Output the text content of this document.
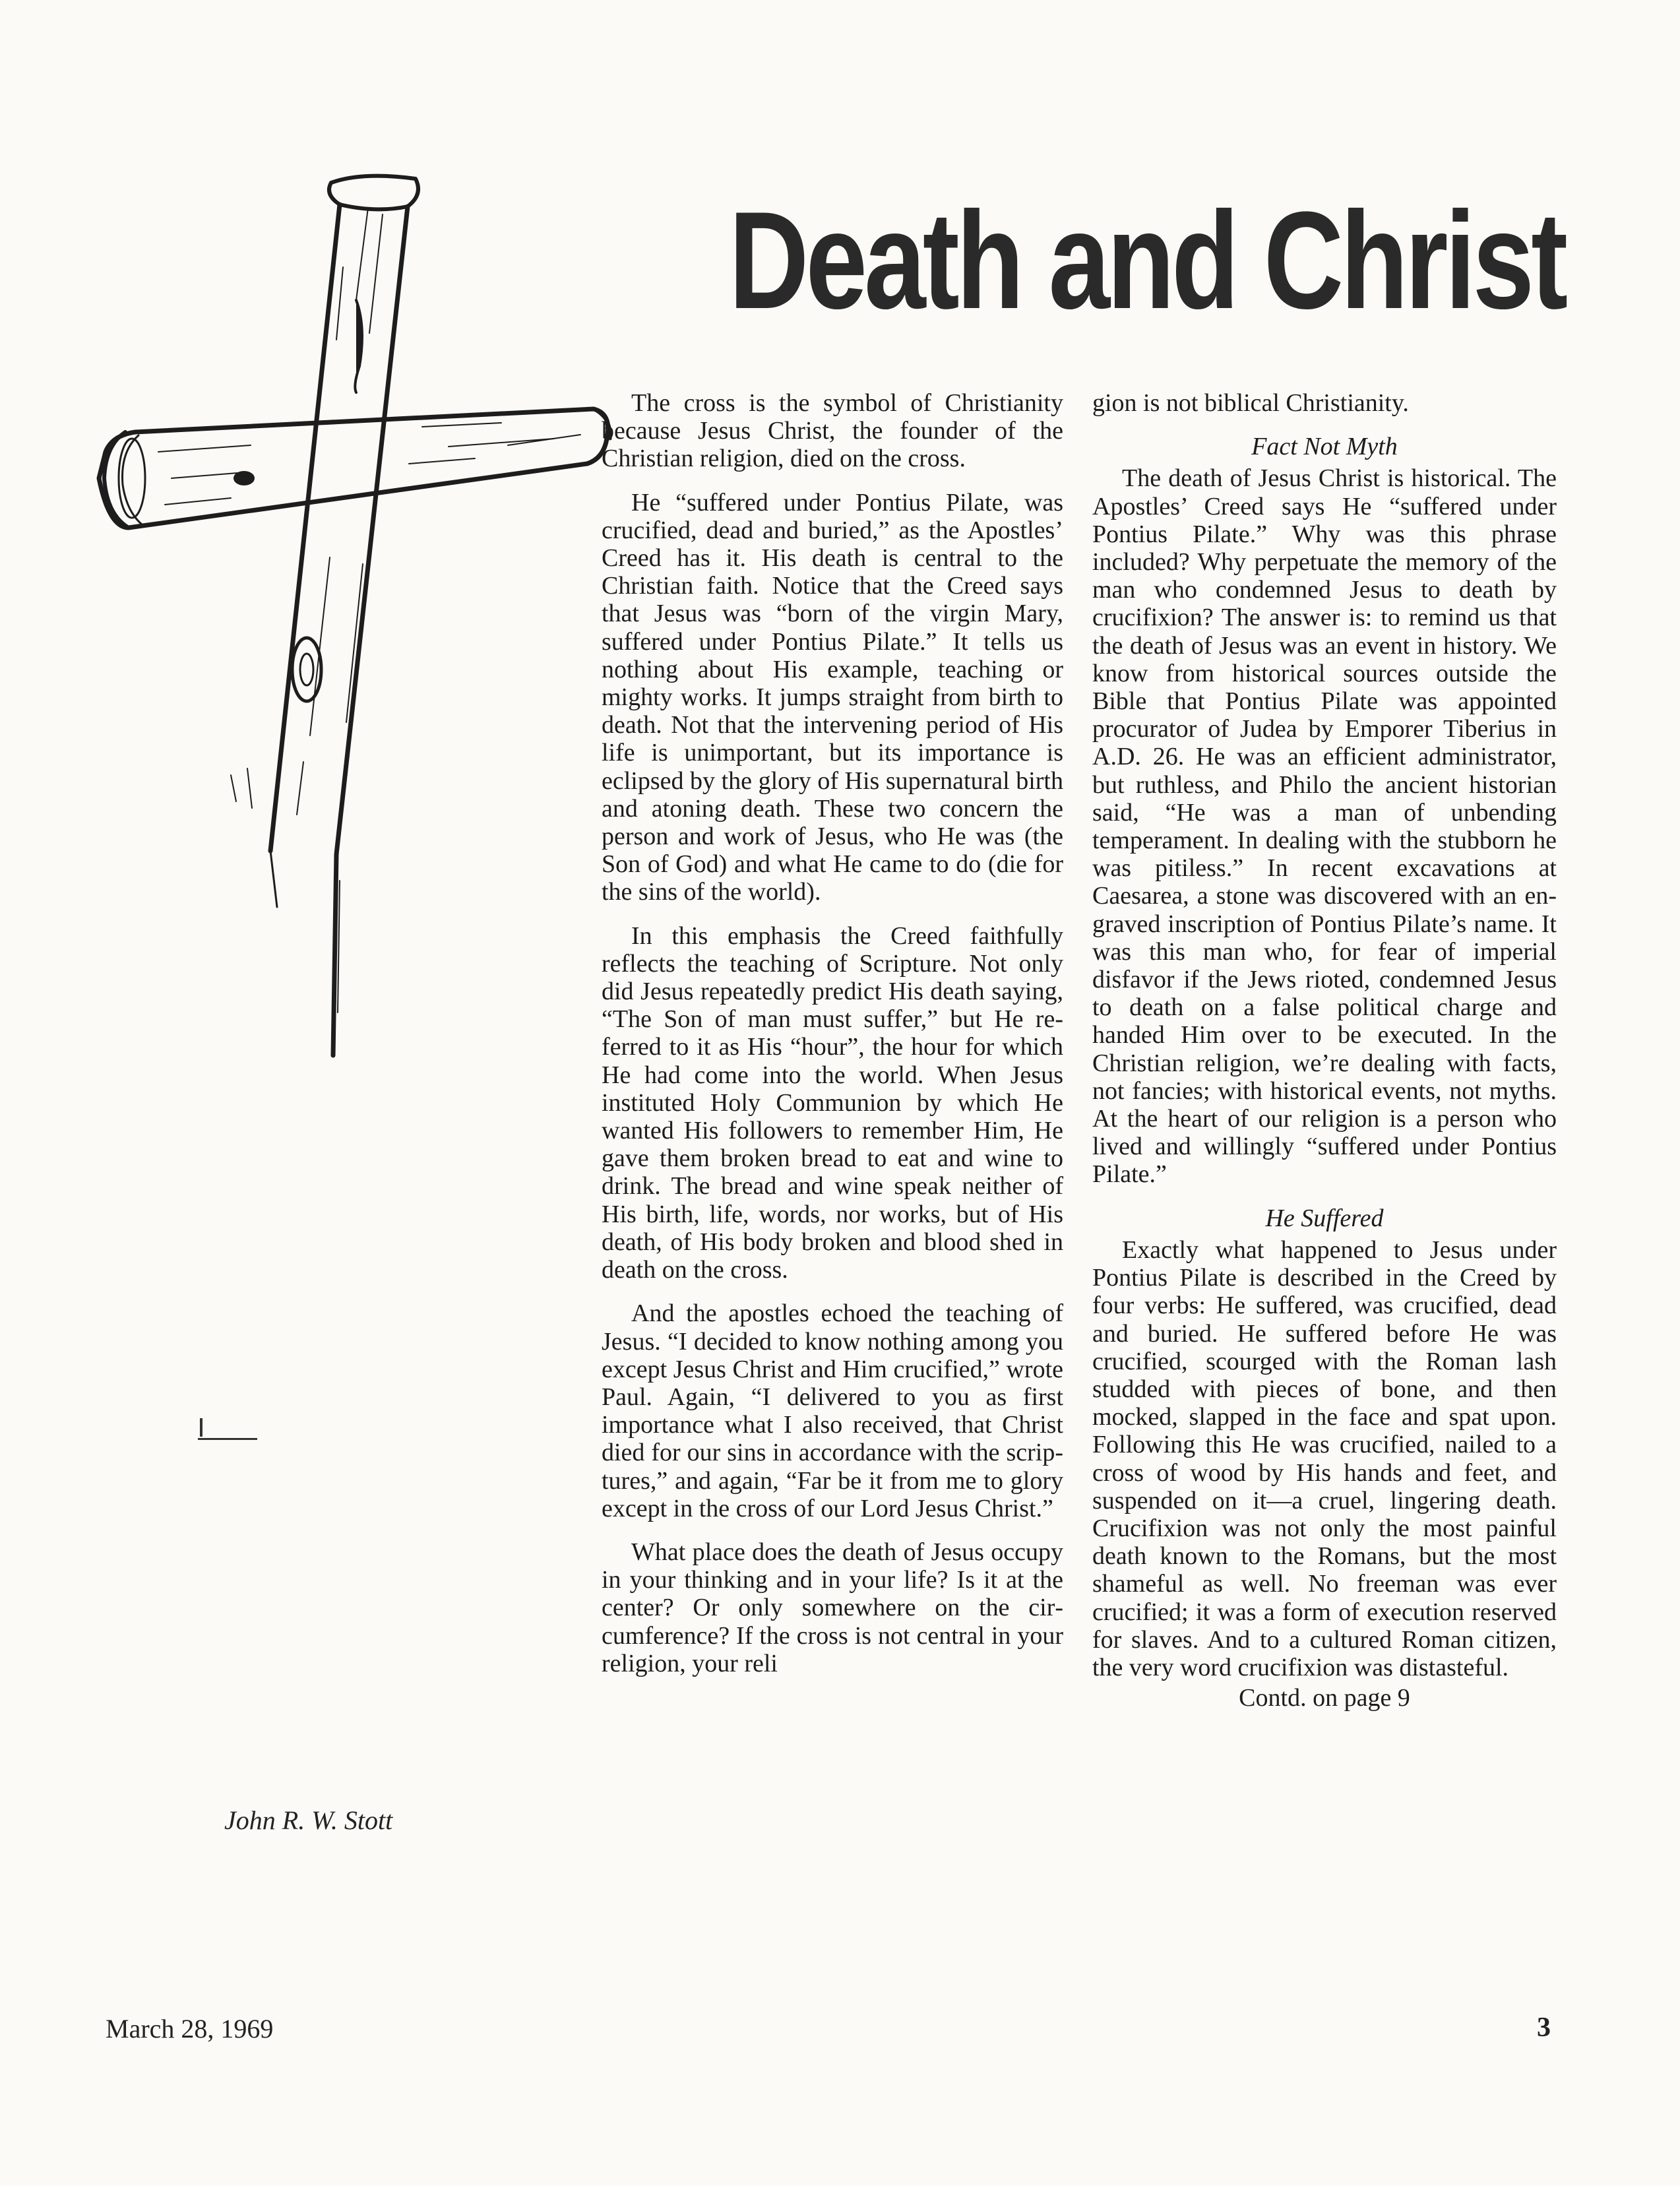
Death and Christ

The cross is the symbol of Christianity because Jesus Christ, the founder of the Christian religion, died on the cross.

He “suffered under Pontius Pilate, was crucified, dead and buried,” as the Apostles’ Creed has it. His death is central to the Christian faith. Notice that the Creed says that Jesus was “born of the virgin Mary, suffered under Pontius Pilate.” It tells us nothing about His example, teaching or mighty works. It jumps straight from birth to death. Not that the intervening period of His life is unimportant, but its importance is eclipsed by the glory of His supernatural birth and atoning death. These two concern the person and work of Jesus, who He was (the Son of God) and what He came to do (die for the sins of the world).

In this emphasis the Creed faithfully reflects the teaching of Scripture. Not only did Jesus repeatedly predict His death saying, “The Son of man must suffer,” but He referred to it as His “hour”, the hour for which He had come into the world. When Jesus instituted Holy Communion by which He wanted His followers to remember Him, He gave them broken bread to eat and wine to drink. The bread and wine speak neither of His birth, life, words, nor works, but of His death, of His body broken and blood shed in death on the cross.

And the apostles echoed the teaching of Jesus. “I decided to know nothing among you except Jesus Christ and Him crucified,” wrote Paul. Again, “I delivered to you as first importance what I also received, that Christ died for our sins in accordance with the scriptures,” and again, “Far be it from me to glory except in the cross of our Lord Jesus Christ.”

What place does the death of Jesus occupy in your thinking and in your life? Is it at the center? Or only somewhere on the circumference? If the cross is not central in your religion, your reli

gion is not biblical Christianity.

Fact Not Myth

The death of Jesus Christ is historical. The Apostles’ Creed says He “suffered under Pontius Pilate.” Why was this phrase included? Why perpetuate the memory of the man who condemned Jesus to death by crucifixion? The answer is: to remind us that the death of Jesus was an event in history. We know from historical sources outside the Bible that Pontius Pilate was appointed procurator of Judea by Emporer Tiberius in A.D. 26. He was an efficient administrator, but ruthless, and Philo the ancient historian said, “He was a man of unbending temperament. In dealing with the stubborn he was pitiless.” In recent excavations at Caesarea, a stone was discovered with an engraved inscription of Pontius Pilate’s name. It was this man who, for fear of imperial disfavor if the Jews rioted, condemned Jesus to death on a false political charge and handed Him over to be executed. In the Christian religion, we’re dealing with facts, not fancies; with historical events, not myths. At the heart of our religion is a person who lived and willingly “suffered under Pontius Pilate.”

He Suffered

Exactly what happened to Jesus under Pontius Pilate is described in the Creed by four verbs: He suffered, was crucified, dead and buried. He suffered before He was crucified, scourged with the Roman lash studded with pieces of bone, and then mocked, slapped in the face and spat upon. Following this He was crucified, nailed to a cross of wood by His hands and feet, and suspended on it—a cruel, lingering death. Crucifixion was not only the most painful death known to the Romans, but the most shameful as well. No freeman was ever crucified; it was a form of execution reserved for slaves. And to a cultured Roman citizen, the very word crucifixion was distasteful.

Contd. on page 9
John R. W. Stott
March 28, 1969	3
